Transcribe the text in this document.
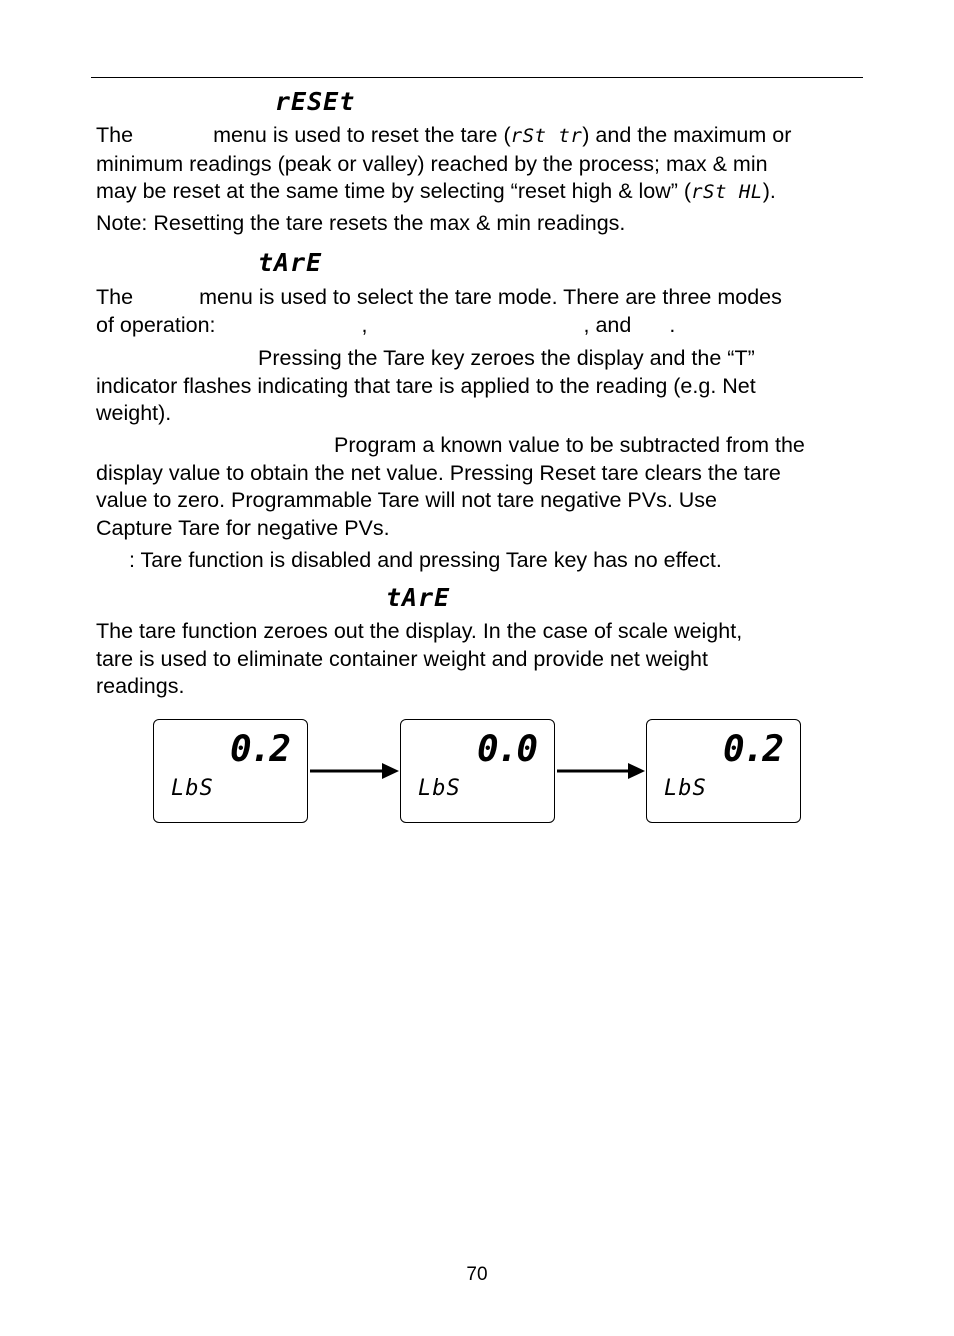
rESEt
The	menu is used to reset the tare (rSt tr) and the maximum or
minimum readings (peak or valley) reached by the process; max & min
may be reset at the same time by selecting “reset high & low” (rSt HL).
Note: Resetting the tare resets the max & min readings.
tArE
The	menu is used to select the tare mode. There are three modes
of operation:	,	, and .
Pressing the Tare key zeroes the display and the “T”
indicator flashes indicating that tare is applied to the reading (e.g. Net
weight).
Program a known value to be subtracted from the
display value to obtain the net value. Pressing Reset tare clears the tare
value to zero. Programmable Tare will not tare negative PVs. Use
Capture Tare for negative PVs.
: Tare function is disabled and pressing Tare key has no effect.
tArE
The tare function zeroes out the display. In the case of scale weight,
tare is used to eliminate container weight and provide net weight
readings.
0.2
LbS
0.0
LbS
0.2
LbS
70
